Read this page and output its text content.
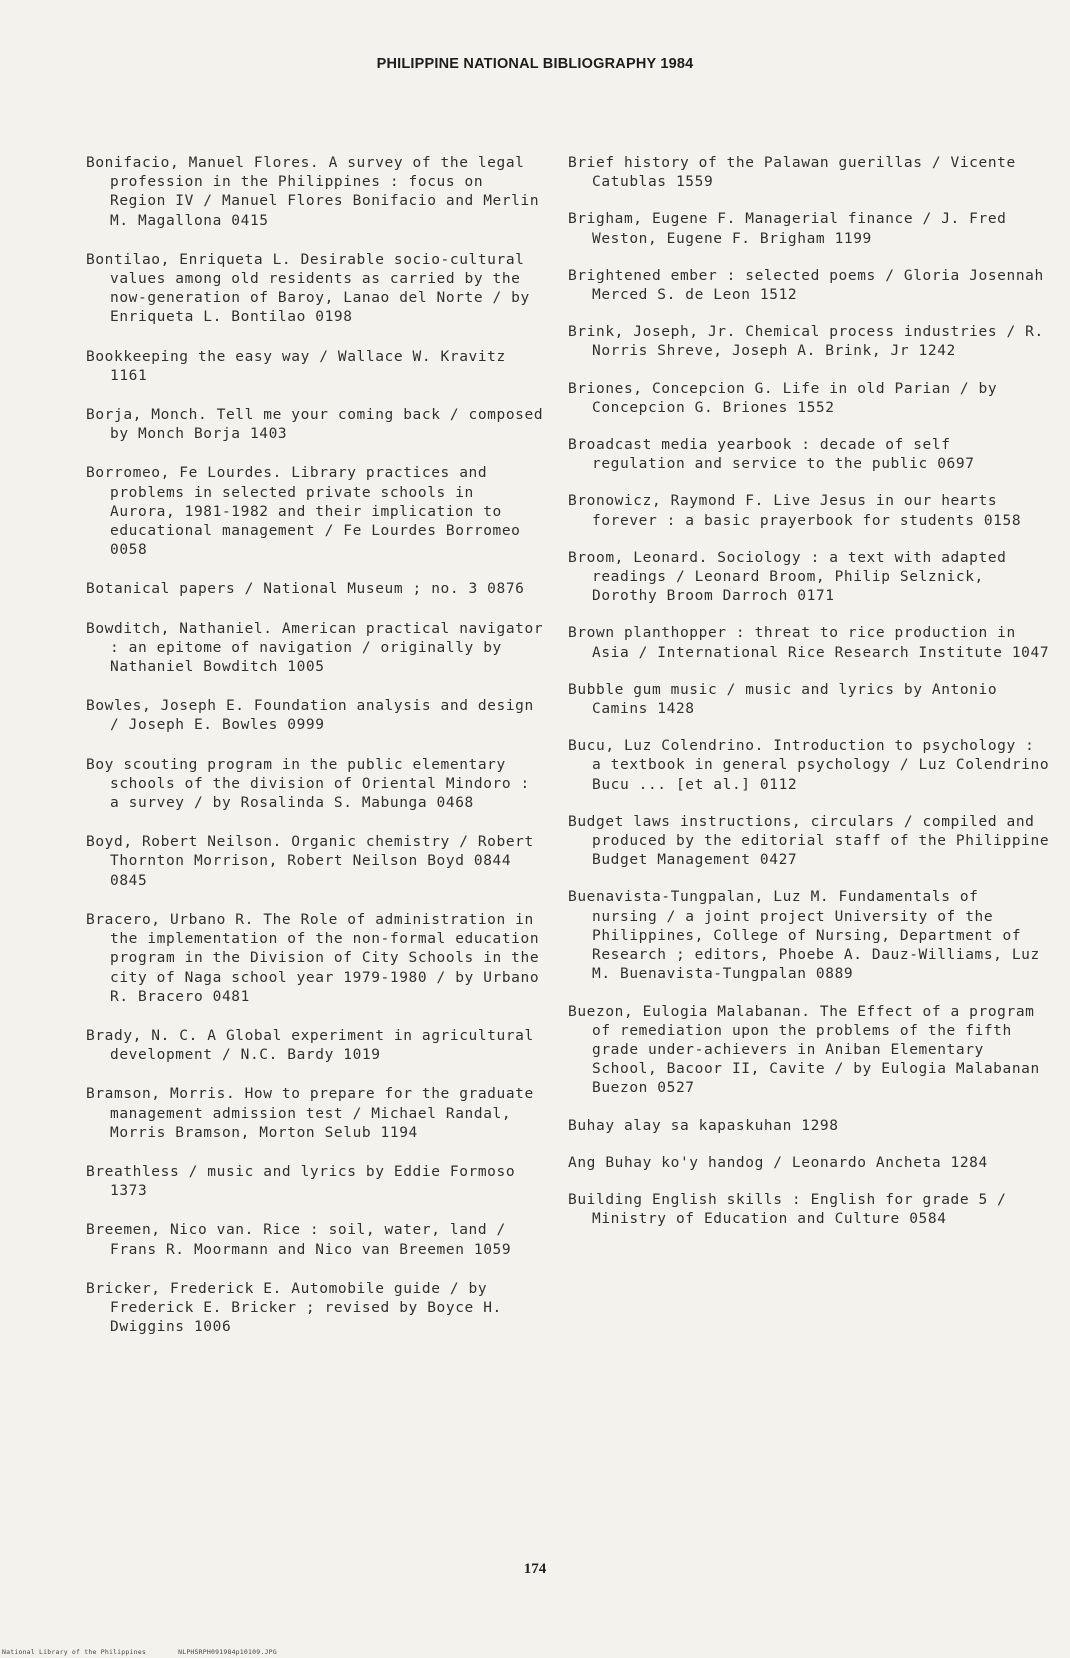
PHILIPPINE NATIONAL BIBLIOGRAPHY 1984

Bonifacio, Manuel Flores. A survey of the legal profession in the Philippines : focus on Region IV / Manuel Flores Bonifacio and Merlin M. Magallona 0415

Bontilao, Enriqueta L. Desirable socio-cultural values among old residents as carried by the now-generation of Baroy, Lanao del Norte / by Enriqueta L. Bontilao 0198

Bookkeeping the easy way / Wallace W. Kravitz 1161

Borja, Monch. Tell me your coming back / composed by Monch Borja 1403

Borromeo, Fe Lourdes. Library practices and problems in selected private schools in Aurora, 1981-1982 and their implication to educational management / Fe Lourdes Borromeo 0058

Botanical papers / National Museum ; no. 3 0876

Bowditch, Nathaniel. American practical navigator : an epitome of navigation / originally by Nathaniel Bowditch 1005

Bowles, Joseph E. Foundation analysis and design / Joseph E. Bowles 0999

Boy scouting program in the public elementary schools of the division of Oriental Mindoro : a survey / by Rosalinda S. Mabunga 0468

Boyd, Robert Neilson. Organic chemistry / Robert Thornton Morrison, Robert Neilson Boyd 0844 0845

Bracero, Urbano R. The Role of administration in the implementation of the non-formal education program in the Division of City Schools in the city of Naga school year 1979-1980 / by Urbano R. Bracero 0481

Brady, N. C. A Global experiment in agricultural development / N.C. Bardy 1019

Bramson, Morris. How to prepare for the graduate management admission test / Michael Randal, Morris Bramson, Morton Selub 1194

Breathless / music and lyrics by Eddie Formoso 1373

Breemen, Nico van. Rice : soil, water, land / Frans R. Moormann and Nico van Breemen 1059

Bricker, Frederick E. Automobile guide / by Frederick E. Bricker ; revised by Boyce H. Dwiggins 1006

Brief history of the Palawan guerillas / Vicente Catublas 1559

Brigham, Eugene F. Managerial finance / J. Fred Weston, Eugene F. Brigham 1199

Brightened ember : selected poems / Gloria Josennah Merced S. de Leon 1512

Brink, Joseph, Jr. Chemical process industries / R. Norris Shreve, Joseph A. Brink, Jr 1242

Briones, Concepcion G. Life in old Parian / by Concepcion G. Briones 1552

Broadcast media yearbook : decade of self regulation and service to the public 0697

Bronowicz, Raymond F. Live Jesus in our hearts forever : a basic prayerbook for students 0158

Broom, Leonard. Sociology : a text with adapted readings / Leonard Broom, Philip Selznick, Dorothy Broom Darroch 0171

Brown planthopper : threat to rice production in Asia / International Rice Research Institute 1047

Bubble gum music / music and lyrics by Antonio Camins 1428

Bucu, Luz Colendrino. Introduction to psychology : a textbook in general psychology / Luz Colendrino Bucu ... [et al.] 0112

Budget laws instructions, circulars / compiled and produced by the editorial staff of the Philippine Budget Management 0427

Buenavista-Tungpalan, Luz M. Fundamentals of nursing / a joint project University of the Philippines, College of Nursing, Department of Research ; editors, Phoebe A. Dauz-Williams, Luz M. Buenavista-Tungpalan 0889

Buezon, Eulogia Malabanan. The Effect of a program of remediation upon the problems of the fifth grade under-achievers in Aniban Elementary School, Bacoor II, Cavite / by Eulogia Malabanan Buezon 0527

Buhay alay sa kapaskuhan 1298

Ang Buhay ko'y handog / Leonardo Ancheta 1284

Building English skills : English for grade 5 / Ministry of Education and Culture 0584

174
National Library of the Philippines	NLPHSRPH091984p10109.JPG
